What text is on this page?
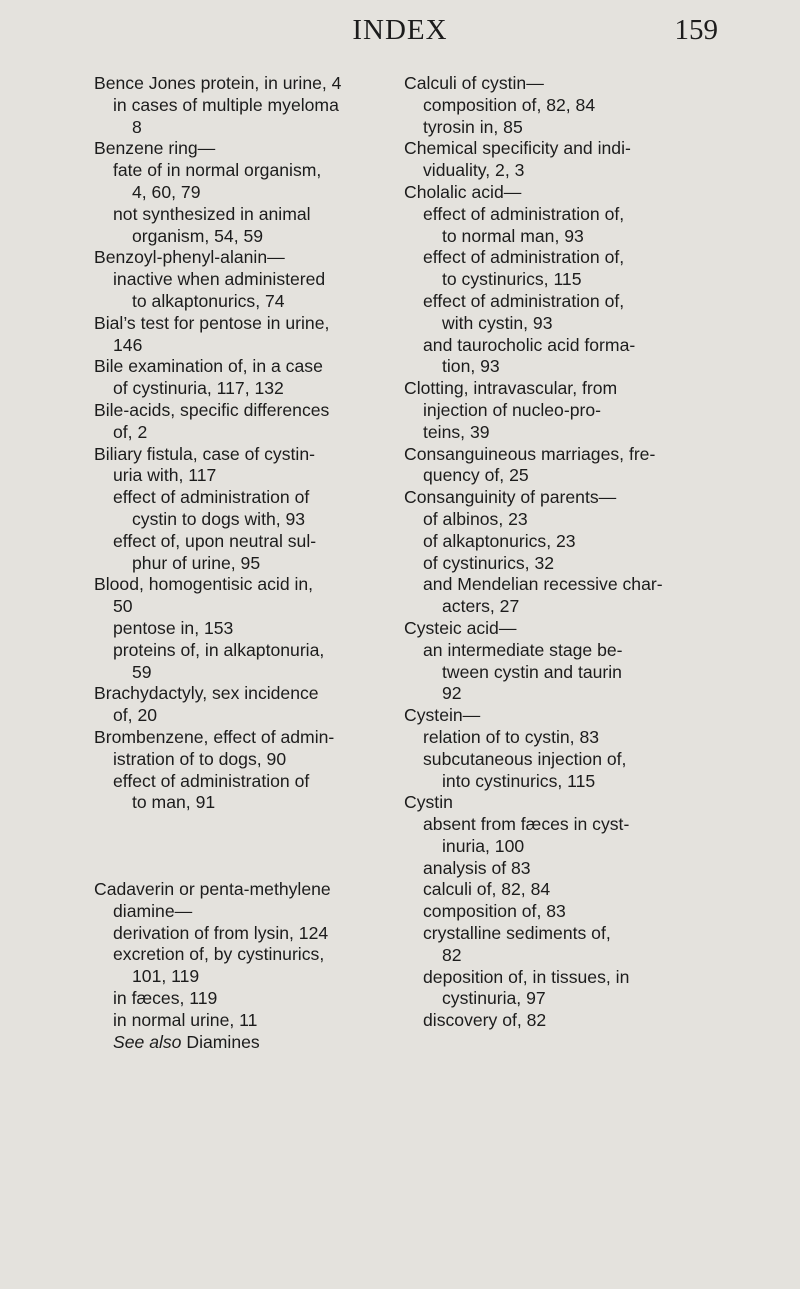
INDEX	159
Bence Jones protein, in urine, 4
in cases of multiple myeloma
8
Benzene ring—
fate of in normal organism,
4, 60, 79
not synthesized in animal
organism, 54, 59
Benzoyl-phenyl-alanin—
inactive when administered
to alkaptonurics, 74
Bial’s test for pentose in urine,
146
Bile examination of, in a case
of cystinuria, 117, 132
Bile-acids, specific differences
of, 2
Biliary fistula, case of cystin-
uria with, 117
effect of administration of
cystin to dogs with, 93
effect of, upon neutral sul-
phur of urine, 95
Blood, homogentisic acid in,
50
pentose in, 153
proteins of, in alkaptonuria,
59
Brachydactyly, sex incidence
of, 20
Brombenzene, effect of admin-
istration of to dogs, 90
effect of administration of
to man, 91
Cadaverin or penta-methylene
diamine—
derivation of from lysin, 124
excretion of, by cystinurics,
101, 119
in fæces, 119
in normal urine, 11
See also Diamines
Calculi of cystin—
composition of, 82, 84
tyrosin in, 85
Chemical specificity and indi-
viduality, 2, 3
Cholalic acid—
effect of administration of,
to normal man, 93
effect of administration of,
to cystinurics, 115
effect of administration of,
with cystin, 93
and taurocholic acid forma-
tion, 93
Clotting, intravascular, from
injection of nucleo-pro-
teins, 39
Consanguineous marriages, fre-
quency of, 25
Consanguinity of parents—
of albinos, 23
of alkaptonurics, 23
of cystinurics, 32
and Mendelian recessive char-
acters, 27
Cysteic acid—
an intermediate stage be-
tween cystin and taurin
92
Cystein—
relation of to cystin, 83
subcutaneous injection of,
into cystinurics, 115
Cystin
absent from fæces in cyst-
inuria, 100
analysis of 83
calculi of, 82, 84
composition of, 83
crystalline sediments of,
82
deposition of, in tissues, in
cystinuria, 97
discovery of, 82
